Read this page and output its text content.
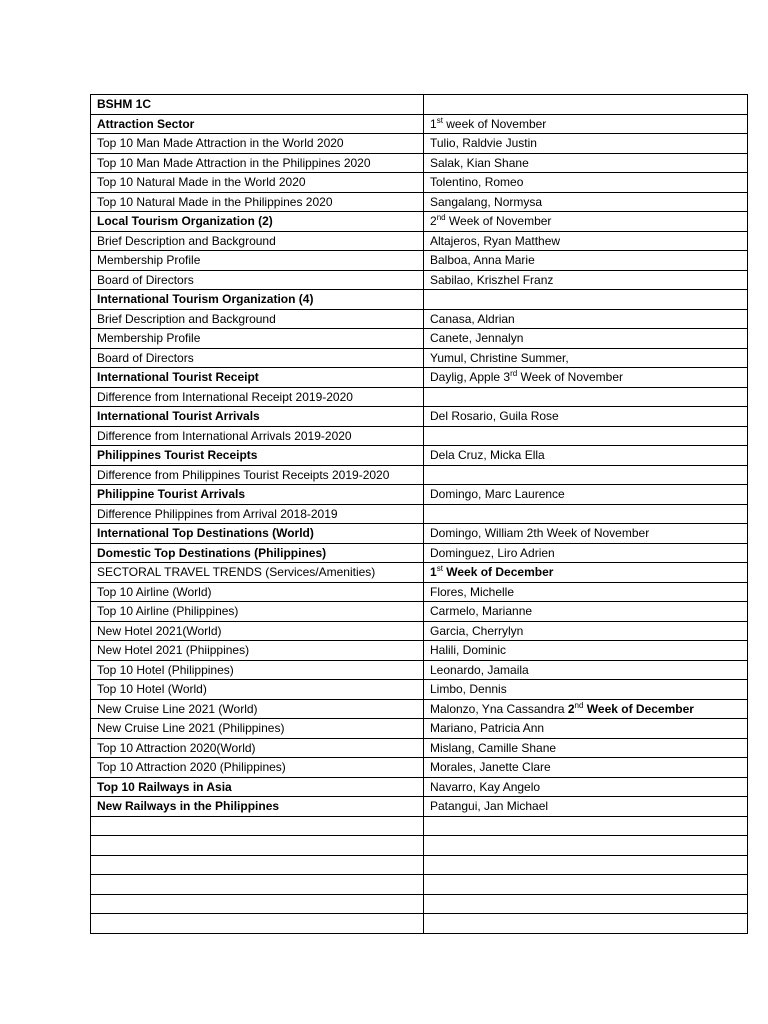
BSHM 1C	
Attraction Sector	1st week of November
Top 10 Man Made Attraction in the World 2020	Tulio, Raldvie Justin
Top 10 Man Made Attraction in the Philippines 2020	Salak, Kian Shane
Top 10 Natural Made in the World 2020	Tolentino, Romeo
Top 10 Natural Made in the Philippines 2020	Sangalang, Normysa
Local Tourism Organization (2)	2nd Week of November
Brief Description and Background	Altajeros, Ryan Matthew
Membership Profile	Balboa, Anna Marie
Board of Directors	Sabilao, Kriszhel Franz
International Tourism Organization (4)	
Brief Description and Background	Canasa, Aldrian
Membership Profile	Canete, Jennalyn
Board of Directors	Yumul, Christine Summer,
International Tourist Receipt	Daylig, Apple 3rd Week of November
Difference from International Receipt 2019-2020	
International Tourist Arrivals	Del Rosario, Guila Rose
Difference from International Arrivals 2019-2020	
Philippines Tourist Receipts	Dela Cruz, Micka Ella
Difference from Philippines Tourist Receipts 2019-2020	
Philippine Tourist Arrivals	Domingo, Marc Laurence
Difference Philippines from Arrival 2018-2019	
International Top Destinations (World)	Domingo, William 2th Week of November
Domestic Top Destinations (Philippines)	Dominguez, Liro Adrien
SECTORAL TRAVEL TRENDS (Services/Amenities)	1st Week of December
Top 10 Airline (World)	Flores, Michelle
Top 10 Airline (Philippines)	Carmelo, Marianne
New Hotel 2021(World)	Garcia, Cherrylyn
New Hotel 2021 (Phiippines)	Halili, Dominic
Top 10 Hotel (Philippines)	Leonardo, Jamaila
Top 10 Hotel (World)	Limbo, Dennis
New Cruise Line 2021 (World)	Malonzo, Yna Cassandra 2nd Week of December
New Cruise Line 2021 (Philippines)	Mariano, Patricia Ann
Top 10 Attraction 2020(World)	Mislang, Camille Shane
Top 10 Attraction 2020 (Philippines)	Morales, Janette Clare
Top 10 Railways in Asia	Navarro, Kay Angelo
New Railways in the Philippines	Patangui, Jan Michael
